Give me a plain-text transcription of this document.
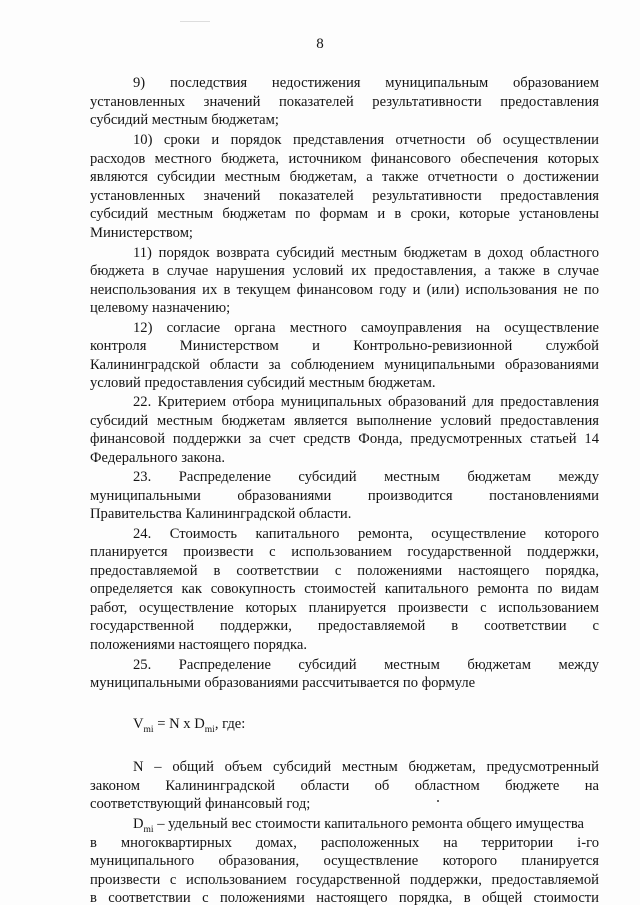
8
9) последствия недостижения муниципальным образованием
установленных значений показателей результативности предоставления
субсидий местным бюджетам;
10) сроки и порядок представления отчетности об осуществлении
расходов местного бюджета, источником финансового обеспечения которых
являются субсидии местным бюджетам, а также отчетности о достижении
установленных значений показателей результативности предоставления
субсидий местным бюджетам по формам и в сроки, которые установлены
Министерством;
11) порядок возврата субсидий местным бюджетам в доход областного
бюджета в случае нарушения условий их предоставления, а также в случае
неиспользования их в текущем финансовом году и (или) использования не по
целевому назначению;
12) согласие органа местного самоуправления на осуществление
контроля Министерством и Контрольно-ревизионной службой
Калининградской области за соблюдением муниципальными образованиями
условий предоставления субсидий местным бюджетам.
22. Критерием отбора муниципальных образований для предоставления
субсидий местным бюджетам является выполнение условий предоставления
финансовой поддержки за счет средств Фонда, предусмотренных статьей 14
Федерального закона.
23. Распределение субсидий местным бюджетам между
муниципальными образованиями производится постановлениями
Правительства Калининградской области.
24. Стоимость капитального ремонта, осуществление которого
планируется произвести с использованием государственной поддержки,
предоставляемой в соответствии с положениями настоящего порядка,
определяется как совокупность стоимостей капитального ремонта по видам
работ, осуществление которых планируется произвести с использованием
государственной поддержки, предоставляемой в соответствии с
положениями настоящего порядка.
25. Распределение субсидий местным бюджетам между
муниципальными образованиями рассчитывается по формуле
$V_{mi} = N$ x $D_{mi}$, где:
N – общий объем субсидий местным бюджетам, предусмотренный
законом Калининградской области об областном бюджете на
соответствующий финансовый год;
$D_{mi}$ – удельный вес стоимости капитального ремонта общего имущества
в многоквартирных домах, расположенных на территории i-го
муниципального образования, осуществление которого планируется
произвести с использованием государственной поддержки, предоставляемой
в соответствии с положениями настоящего порядка, в общей стоимости
